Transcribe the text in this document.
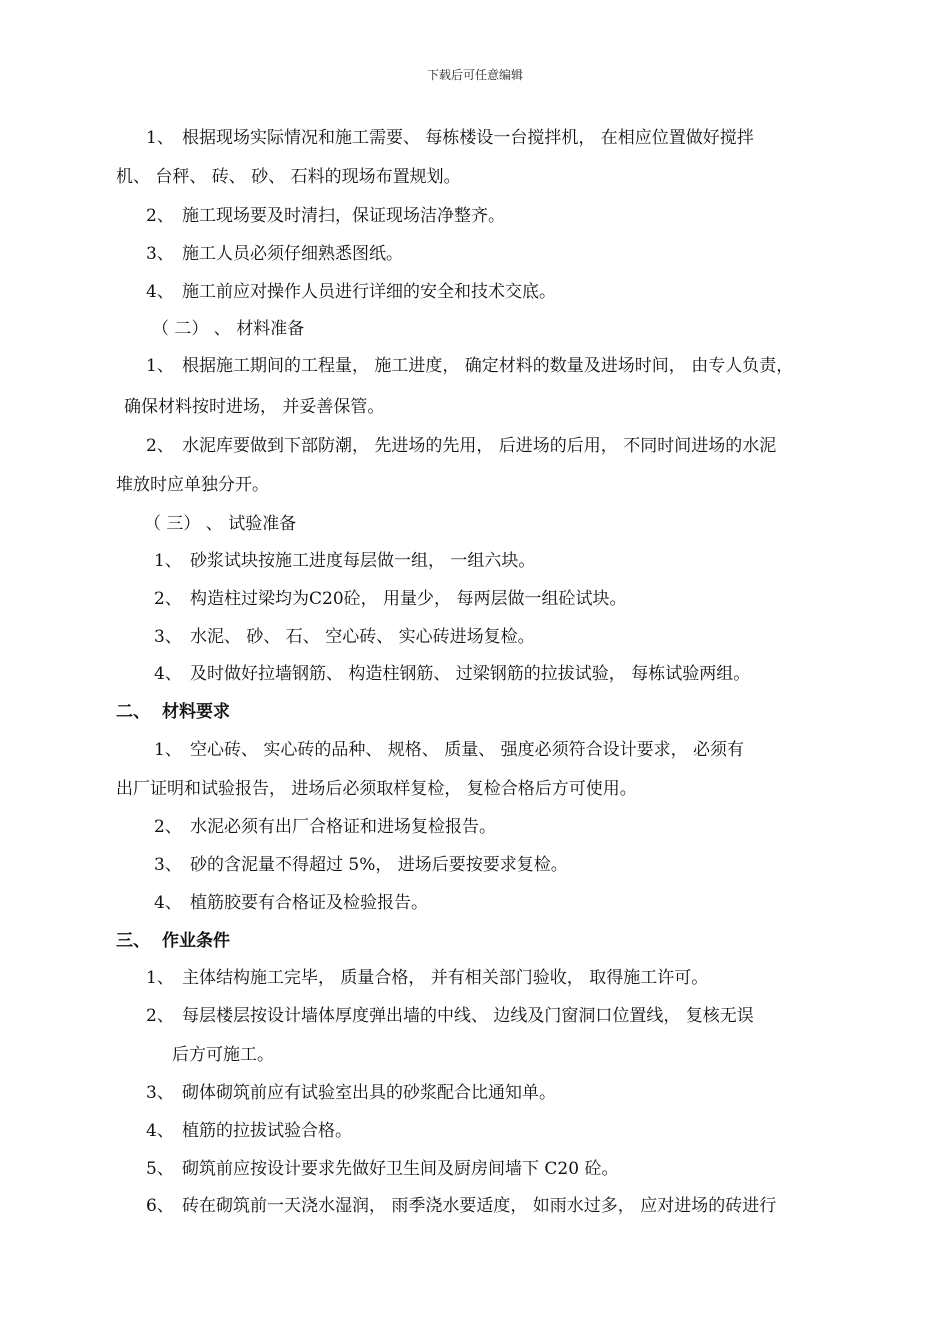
下载后可任意编辑
1、 根据现场实际情况和施工需要、 每栋楼设一台搅拌机， 在相应位置做好搅拌
机、 台秤、 砖、 砂、 石料的现场布置规划。
2、 施工现场要及时清扫，保证现场洁净整齐。
3、 施工人员必须仔细熟悉图纸。
4、 施工前应对操作人员进行详细的安全和技术交底。
（ 二） 、 材料准备
1、 根据施工期间的工程量， 施工进度， 确定材料的数量及进场时间， 由专人负责，
确保材料按时进场， 并妥善保管。
2、 水泥库要做到下部防潮， 先进场的先用， 后进场的后用， 不同时间进场的水泥
堆放时应单独分开。
（ 三） 、 试验准备
1、 砂浆试块按施工进度每层做一组， 一组六块。
2、 构造柱过梁均为C20砼， 用量少， 每两层做一组砼试块。
3、 水泥、 砂、 石、 空心砖、 实心砖进场复检。
4、 及时做好拉墙钢筋、 构造柱钢筋、 过梁钢筋的拉拔试验， 每栋试验两组。
二、 材料要求
1、 空心砖、 实心砖的品种、 规格、 质量、 强度必须符合设计要求， 必须有
出厂证明和试验报告， 进场后必须取样复检， 复检合格后方可使用。
2、 水泥必须有出厂合格证和进场复检报告。
3、 砂的含泥量不得超过 5%， 进场后要按要求复检。
4、 植筋胶要有合格证及检验报告。
三、 作业条件
1、 主体结构施工完毕， 质量合格， 并有相关部门验收， 取得施工许可。
2、 每层楼层按设计墙体厚度弹出墙的中线、 边线及门窗洞口位置线， 复核无误
后方可施工。
3、 砌体砌筑前应有试验室出具的砂浆配合比通知单。
4、 植筋的拉拔试验合格。
5、 砌筑前应按设计要求先做好卫生间及厨房间墙下 C20 砼。
6、 砖在砌筑前一天浇水湿润， 雨季浇水要适度， 如雨水过多， 应对进场的砖进行
